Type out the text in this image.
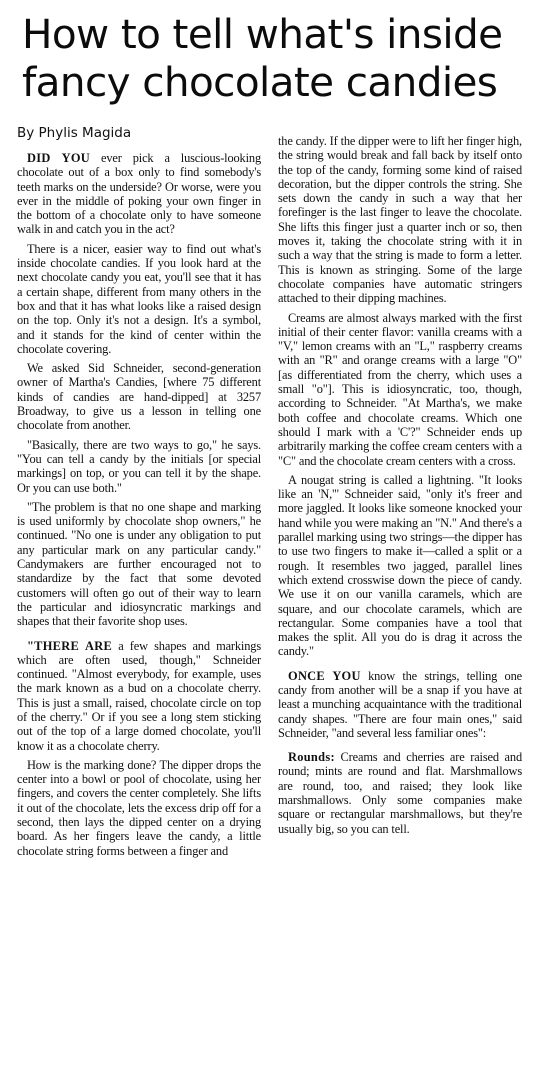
How to tell what's inside
fancy chocolate candies
By Phylis Magida

DID YOU ever pick a luscious-looking chocolate out of a box only to find somebody's teeth marks on the underside? Or worse, were you ever in the middle of poking your own finger in the bottom of a chocolate only to have someone walk in and catch you in the act?

There is a nicer, easier way to find out what's inside chocolate candies. If you look hard at the next chocolate candy you eat, you'll see that it has a certain shape, different from many others in the box and that it has what looks like a raised design on the top. Only it's not a design. It's a symbol, and it stands for the kind of center within the chocolate covering.

We asked Sid Schneider, second-generation owner of Martha's Candies, [where 75 different kinds of candies are hand-dipped] at 3257 Broadway, to give us a lesson in telling one chocolate from another.

"Basically, there are two ways to go," he says. "You can tell a candy by the initials [or special markings] on top, or you can tell it by the shape. Or you can use both."

"The problem is that no one shape and marking is used uniformly by chocolate shop owners," he continued. "No one is under any obligation to put any particular mark on any particular candy." Candymakers are further encouraged not to standardize by the fact that some devoted customers will often go out of their way to learn the particular and idiosyncratic markings and shapes that their favorite shop uses.

"THERE ARE a few shapes and markings which are often used, though," Schneider continued. "Almost everybody, for example, uses the mark known as a bud on a chocolate cherry. This is just a small, raised, chocolate circle on top of the cherry." Or if you see a long stem sticking out of the top of a large domed chocolate, you'll know it as a chocolate cherry.

How is the marking done? The dipper drops the center into a bowl or pool of chocolate, using her fingers, and covers the center completely. She lifts it out of the chocolate, lets the excess drip off for a second, then lays the dipped center on a drying board. As her fingers leave the candy, a little chocolate string forms between a finger and

the candy. If the dipper were to lift her finger high, the string would break and fall back by itself onto the top of the candy, forming some kind of raised decoration, but the dipper controls the string. She sets down the candy in such a way that her forefinger is the last finger to leave the chocolate. She lifts this finger just a quarter inch or so, then moves it, taking the chocolate string with it in such a way that the string is made to form a letter. This is known as stringing. Some of the large chocolate companies have automatic stringers attached to their dipping machines.

Creams are almost always marked with the first initial of their center flavor: vanilla creams with a "V," lemon creams with an "L," raspberry creams with an "R" and orange creams with a large "O" [as differentiated from the cherry, which uses a small "o"]. This is idiosyncratic, too, though, according to Schneider. "At Martha's, we make both coffee and chocolate creams. Which one should I mark with a 'C'?" Schneider ends up arbitrarily marking the coffee cream centers with a "C" and the chocolate cream centers with a cross.

A nougat string is called a lightning. "It looks like an 'N,'" Schneider said, "only it's freer and more jaggled. It looks like someone knocked your hand while you were making an "N." And there's a parallel marking using two strings—the dipper has to use two fingers to make it—called a split or a rough. It resembles two jagged, parallel lines which extend crosswise down the piece of candy. We use it on our vanilla caramels, which are square, and our chocolate caramels, which are rectangular. Some companies have a tool that makes the split. All you do is drag it across the candy."

ONCE YOU know the strings, telling one candy from another will be a snap if you have at least a munching acquaintance with the traditional candy shapes. "There are four main ones," said Schneider, "and several less familiar ones":

Rounds: Creams and cherries are raised and round; mints are round and flat. Marshmallows are round, too, and raised; they look like marshmallows. Only some companies make square or rectangular marshmallows, but they're usually big, so you can tell.
